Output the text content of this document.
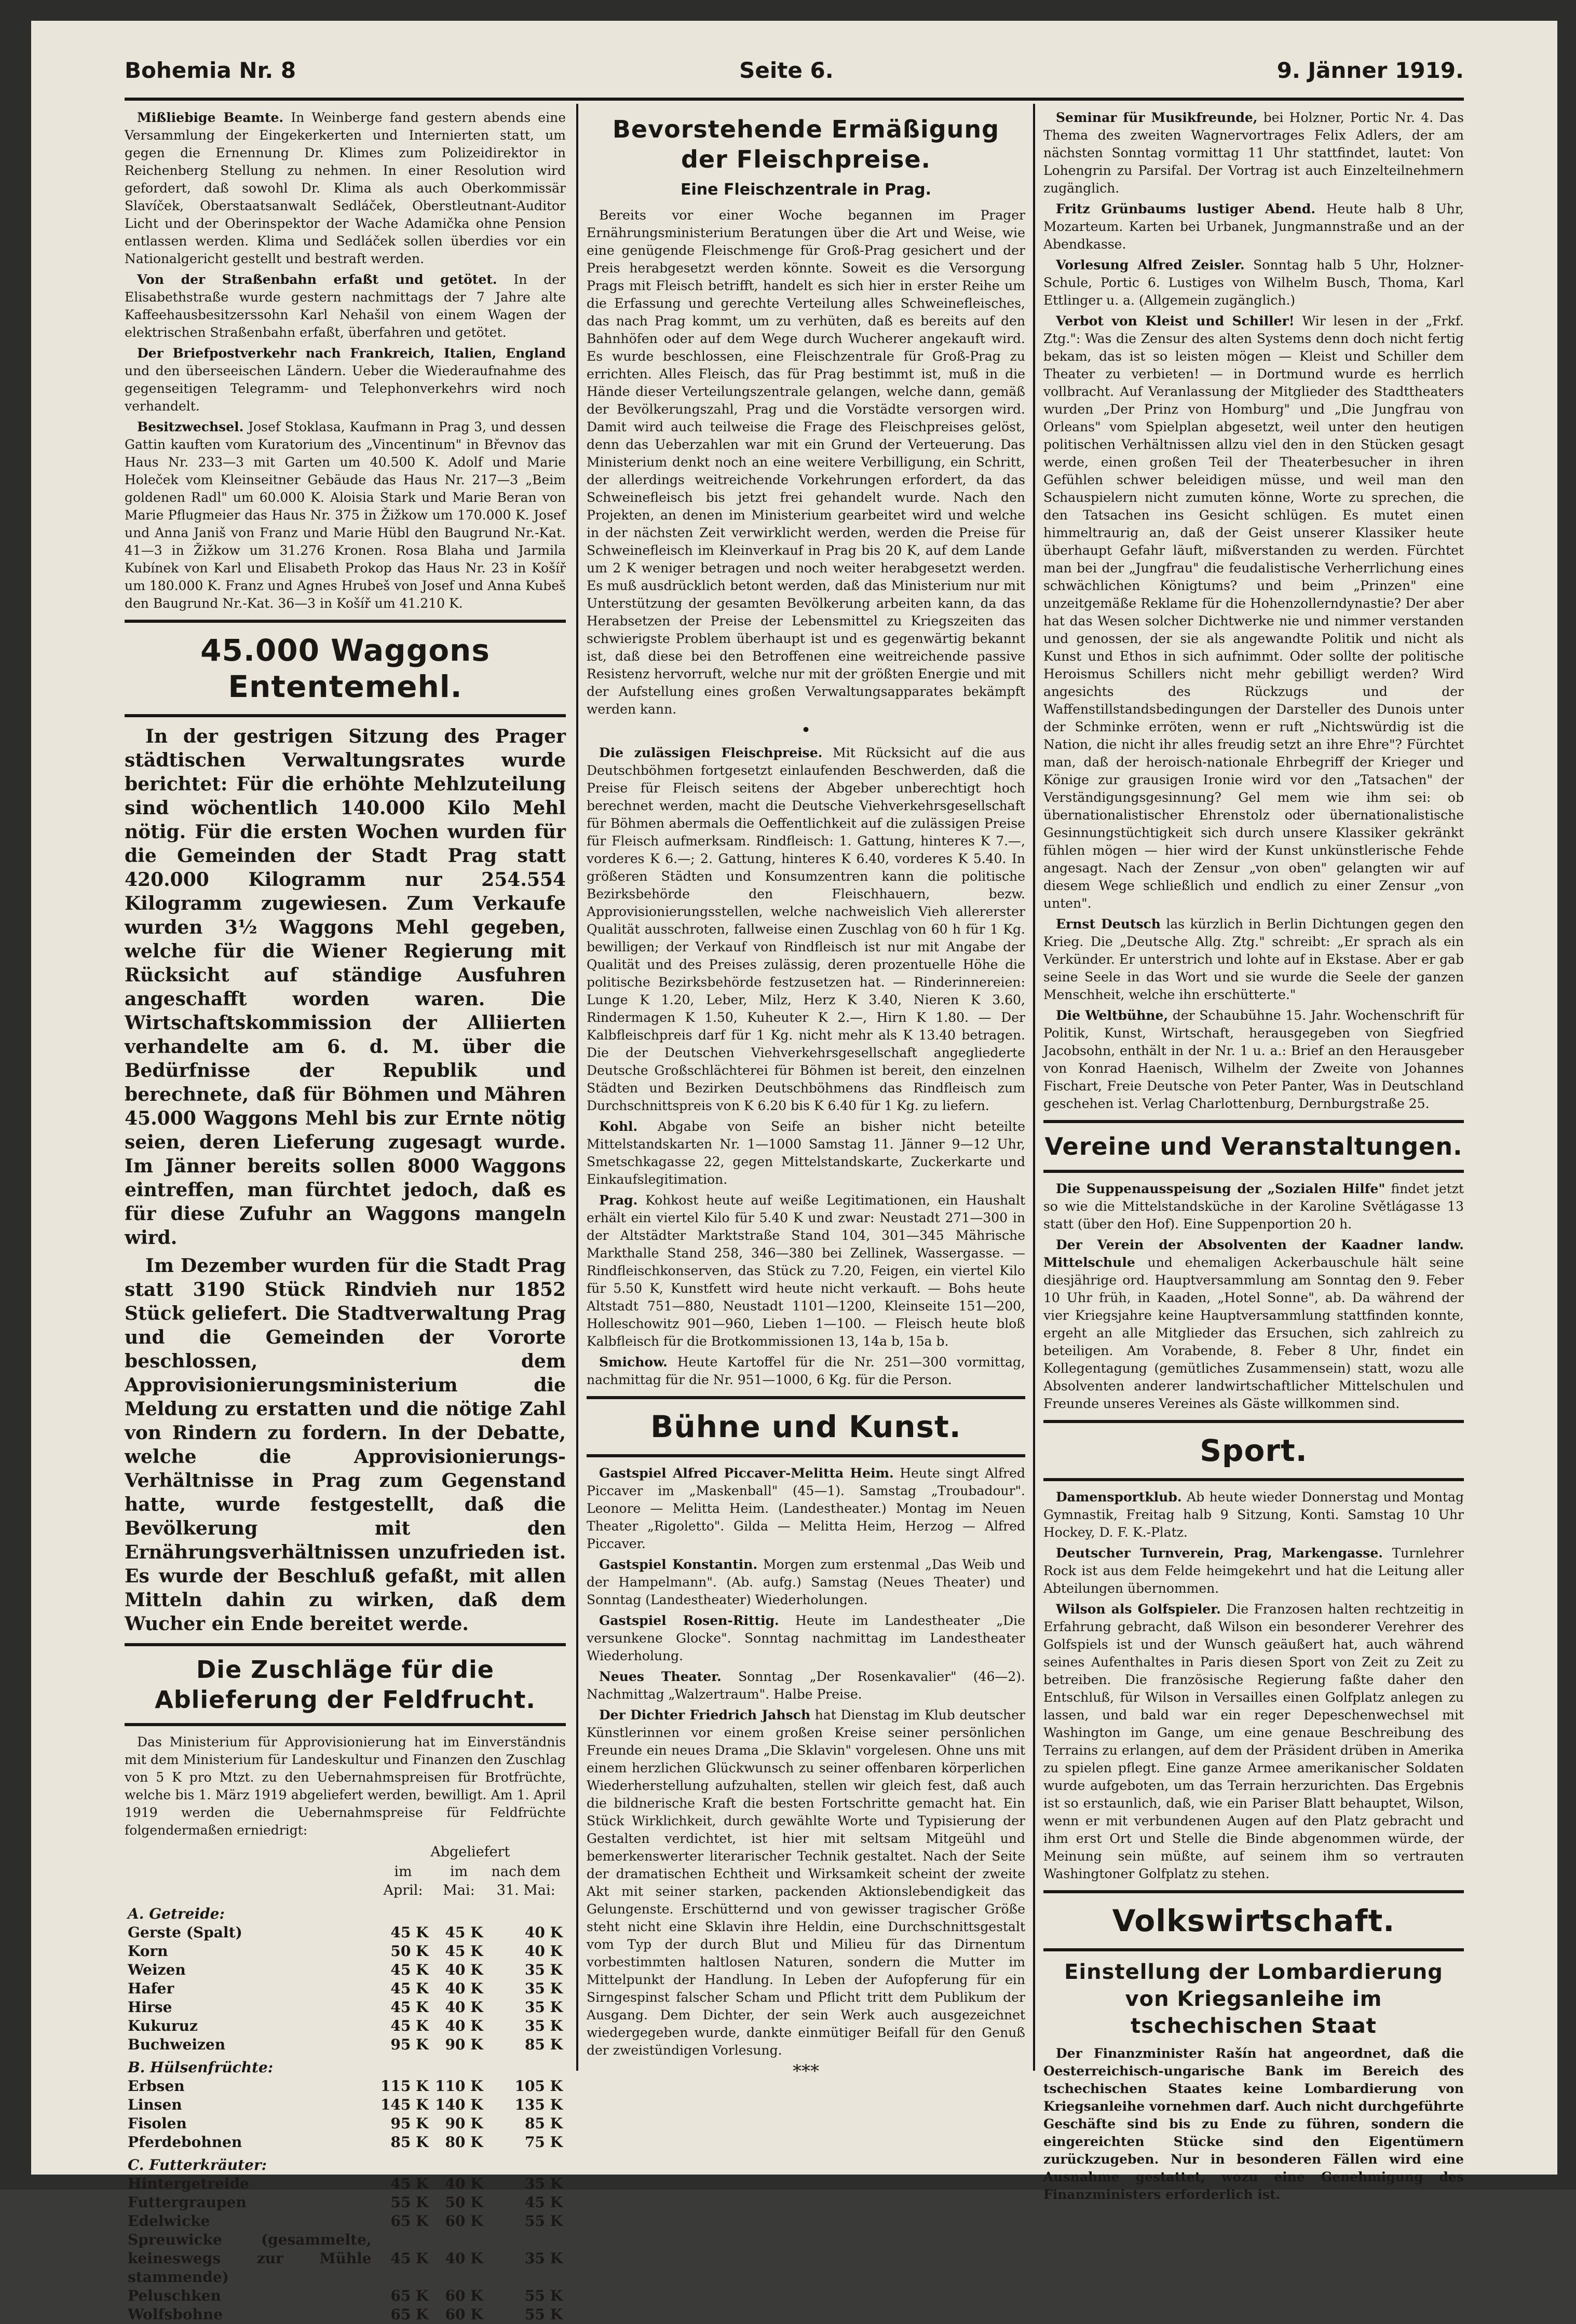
Bohemia Nr. 8	Seite 6.	9. Jänner 1919.

Mißliebige Beamte. In Weinberge fand gestern abends eine Versammlung der Eingekerkerten und Internierten statt, um gegen die Ernennung Dr. Klimes zum Polizeidirektor in Reichenberg Stellung zu nehmen. In einer Resolution wird gefordert, daß sowohl Dr. Klima als auch Oberkommissär Slavíček, Oberstaatsanwalt Sedláček, Oberstleutnant-Auditor Licht und der Oberinspektor der Wache Adamička ohne Pension entlassen werden. Klima und Sedláček sollen überdies vor ein Nationalgericht gestellt und bestraft werden.

Von der Straßenbahn erfaßt und getötet. In der Elisabethstraße wurde gestern nachmittags der 7 Jahre alte Kaffeehausbesitzerssohn Karl Nehašil von einem Wagen der elektrischen Straßenbahn erfaßt, überfahren und getötet.

Der Briefpostverkehr nach Frankreich, Italien, England und den überseeischen Ländern. Ueber die Wiederaufnahme des gegenseitigen Telegramm- und Telephonverkehrs wird noch verhandelt.

Besitzwechsel. Josef Stoklasa, Kaufmann in Prag 3, und dessen Gattin kauften vom Kuratorium des „Vincentinum" in Břevnov das Haus Nr. 233—3 mit Garten um 40.500 K. Adolf und Marie Holeček vom Kleinseitner Gebäude das Haus Nr. 217—3 „Beim goldenen Radl" um 60.000 K. Aloisia Stark und Marie Beran von Marie Pflugmeier das Haus Nr. 375 in Žižkow um 170.000 K. Josef und Anna Janiš von Franz und Marie Hübl den Baugrund Nr.-Kat. 41—3 in Žižkow um 31.276 Kronen. Rosa Blaha und Jarmila Kubínek von Karl und Elisabeth Prokop das Haus Nr. 23 in Košíř um 180.000 K. Franz und Agnes Hrubeš von Josef und Anna Kubeš den Baugrund Nr.-Kat. 36—3 in Košíř um 41.210 K.

45.000 Waggons Ententemehl.

In der gestrigen Sitzung des Prager städtischen Verwaltungsrates wurde berichtet: Für die erhöhte Mehlzuteilung sind wöchentlich 140.000 Kilo Mehl nötig. Für die ersten Wochen wurden für die Gemeinden der Stadt Prag statt 420.000 Kilogramm nur 254.554 Kilogramm zugewiesen. Zum Verkaufe wurden 3½ Waggons Mehl gegeben, welche für die Wiener Regierung mit Rücksicht auf ständige Ausfuhren angeschafft worden waren. Die Wirtschaftskommission der Alliierten verhandelte am 6. d. M. über die Bedürfnisse der Republik und berechnete, daß für Böhmen und Mähren 45.000 Waggons Mehl bis zur Ernte nötig seien, deren Lieferung zugesagt wurde. Im Jänner bereits sollen 8000 Waggons eintreffen, man fürchtet jedoch, daß es für diese Zufuhr an Waggons mangeln wird.

Im Dezember wurden für die Stadt Prag statt 3190 Stück Rindvieh nur 1852 Stück geliefert. Die Stadtverwaltung Prag und die Gemeinden der Vororte beschlossen, dem Approvisionierungsministerium die Meldung zu erstatten und die nötige Zahl von Rindern zu fordern. In der Debatte, welche die Approvisionierungs-Verhältnisse in Prag zum Gegenstand hatte, wurde festgestellt, daß die Bevölkerung mit den Ernährungsverhältnissen unzufrieden ist. Es wurde der Beschluß gefaßt, mit allen Mitteln dahin zu wirken, daß dem Wucher ein Ende bereitet werde.

Die Zuschläge für die Ablieferung der Feldfrucht.

Das Ministerium für Approvisionierung hat im Einverständnis mit dem Ministerium für Landeskultur und Finanzen den Zuschlag von 5 K pro Mtzt. zu den Uebernahmspreisen für Brotfrüchte, welche bis 1. März 1919 abgeliefert werden, bewilligt. Am 1. April 1919 werden die Uebernahmspreise für Feldfrüchte folgendermaßen erniedrigt:

	Abgeliefert		
	im April:	im Mai:	nach dem 31. Mai:
A. Getreide:			
Gerste (Spalt)	45 K	45 K	40 K
Korn	50 K	45 K	40 K
Weizen	45 K	40 K	35 K
Hafer	45 K	40 K	35 K
Hirse	45 K	40 K	35 K
Kukuruz	45 K	40 K	35 K
Buchweizen	95 K	90 K	85 K
B. Hülsenfrüchte:			
Erbsen	115 K	110 K	105 K
Linsen	145 K	140 K	135 K
Fisolen	95 K	90 K	85 K
Pferdebohnen	85 K	80 K	75 K
C. Futterkräuter:			
Hintergetreide	45 K	40 K	35 K
Futtergraupen	55 K	50 K	45 K
Edelwicke	65 K	60 K	55 K
Spreuwicke (gesammelte, keineswegs zur Mühle stammende)	45 K	40 K	35 K
Peluschken	65 K	60 K	55 K
Wolfsbohne	65 K	60 K	55 K
Bevorstehende Ermäßigung der Fleischpreise.
Eine Fleischzentrale in Prag.

Bereits vor einer Woche begannen im Prager Ernährungsministerium Beratungen über die Art und Weise, wie eine genügende Fleischmenge für Groß-Prag gesichert und der Preis herabgesetzt werden könnte. Soweit es die Versorgung Prags mit Fleisch betrifft, handelt es sich hier in erster Reihe um die Erfassung und gerechte Verteilung alles Schweinefleisches, das nach Prag kommt, um zu verhüten, daß es bereits auf den Bahnhöfen oder auf dem Wege durch Wucherer angekauft wird. Es wurde beschlossen, eine Fleischzentrale für Groß-Prag zu errichten. Alles Fleisch, das für Prag bestimmt ist, muß in die Hände dieser Verteilungszentrale gelangen, welche dann, gemäß der Bevölkerungszahl, Prag und die Vorstädte versorgen wird. Damit wird auch teilweise die Frage des Fleischpreises gelöst, denn das Ueberzahlen war mit ein Grund der Verteuerung. Das Ministerium denkt noch an eine weitere Verbilligung, ein Schritt, der allerdings weitreichende Vorkehrungen erfordert, da das Schweinefleisch bis jetzt frei gehandelt wurde. Nach den Projekten, an denen im Ministerium gearbeitet wird und welche in der nächsten Zeit verwirklicht werden, werden die Preise für Schweinefleisch im Kleinverkauf in Prag bis 20 K, auf dem Lande um 2 K weniger betragen und noch weiter herabgesetzt werden. Es muß ausdrücklich betont werden, daß das Ministerium nur mit Unterstützung der gesamten Bevölkerung arbeiten kann, da das Herabsetzen der Preise der Lebensmittel zu Kriegszeiten das schwierigste Problem überhaupt ist und es gegenwärtig bekannt ist, daß diese bei den Betroffenen eine weitreichende passive Resistenz hervorruft, welche nur mit der größten Energie und mit der Aufstellung eines großen Verwaltungsapparates bekämpft werden kann.

•

Die zulässigen Fleischpreise. Mit Rücksicht auf die aus Deutschböhmen fortgesetzt einlaufenden Beschwerden, daß die Preise für Fleisch seitens der Abgeber unberechtigt hoch berechnet werden, macht die Deutsche Viehverkehrsgesellschaft für Böhmen abermals die Oeffentlichkeit auf die zulässigen Preise für Fleisch aufmerksam. Rindfleisch: 1. Gattung, hinteres K 7.—, vorderes K 6.—; 2. Gattung, hinteres K 6.40, vorderes K 5.40. In größeren Städten und Konsumzentren kann die politische Bezirksbehörde den Fleischhauern, bezw. Approvisionierungsstellen, welche nachweislich Vieh allererster Qualität ausschroten, fallweise einen Zuschlag von 60 h für 1 Kg. bewilligen; der Verkauf von Rindfleisch ist nur mit Angabe der Qualität und des Preises zulässig, deren prozentuelle Höhe die politische Bezirksbehörde festzusetzen hat. — Rinderinnereien: Lunge K 1.20, Leber, Milz, Herz K 3.40, Nieren K 3.60, Rindermagen K 1.50, Kuheuter K 2.—, Hirn K 1.80. — Der Kalbfleischpreis darf für 1 Kg. nicht mehr als K 13.40 betragen. Die der Deutschen Viehverkehrsgesellschaft angegliederte Deutsche Großschlächterei für Böhmen ist bereit, den einzelnen Städten und Bezirken Deutschböhmens das Rindfleisch zum Durchschnittspreis von K 6.20 bis K 6.40 für 1 Kg. zu liefern.

Kohl. Abgabe von Seife an bisher nicht beteilte Mittelstandskarten Nr. 1—1000 Samstag 11. Jänner 9—12 Uhr, Smetschkagasse 22, gegen Mittelstandskarte, Zuckerkarte und Einkaufslegitimation.

Prag. Kohkost heute auf weiße Legitimationen, ein Haushalt erhält ein viertel Kilo für 5.40 K und zwar: Neustadt 271—300 in der Altstädter Marktstraße Stand 104, 301—345 Mährische Markthalle Stand 258, 346—380 bei Zellinek, Wassergasse. — Rindfleischkonserven, das Stück zu 7.20, Feigen, ein viertel Kilo für 5.50 K, Kunstfett wird heute nicht verkauft. — Bohs heute Altstadt 751—880, Neustadt 1101—1200, Kleinseite 151—200, Holleschowitz 901—960, Lieben 1—100. — Fleisch heute bloß Kalbfleisch für die Brotkommissionen 13, 14a b, 15a b.

Smichow. Heute Kartoffel für die Nr. 251—300 vormittag, nachmittag für die Nr. 951—1000, 6 Kg. für die Person.

Bühne und Kunst.

Gastspiel Alfred Piccaver-Melitta Heim. Heute singt Alfred Piccaver im „Maskenball" (45—1). Samstag „Troubadour". Leonore — Melitta Heim. (Landestheater.) Montag im Neuen Theater „Rigoletto". Gilda — Melitta Heim, Herzog — Alfred Piccaver.

Gastspiel Konstantin. Morgen zum erstenmal „Das Weib und der Hampelmann". (Ab. aufg.) Samstag (Neues Theater) und Sonntag (Landestheater) Wiederholungen.

Gastspiel Rosen-Rittig. Heute im Landestheater „Die versunkene Glocke". Sonntag nachmittag im Landestheater Wiederholung.

Neues Theater. Sonntag „Der Rosenkavalier" (46—2). Nachmittag „Walzertraum". Halbe Preise.

Der Dichter Friedrich Jahsch hat Dienstag im Klub deutscher Künstlerinnen vor einem großen Kreise seiner persönlichen Freunde ein neues Drama „Die Sklavin" vorgelesen. Ohne uns mit einem herzlichen Glückwunsch zu seiner offenbaren körperlichen Wiederherstellung aufzuhalten, stellen wir gleich fest, daß auch die bildnerische Kraft die besten Fortschritte gemacht hat. Ein Stück Wirklichkeit, durch gewählte Worte und Typisierung der Gestalten verdichtet, ist hier mit seltsam Mitgeühl und bemerkenswerter literarischer Technik gestaltet. Nach der Seite der dramatischen Echtheit und Wirksamkeit scheint der zweite Akt mit seiner starken, packenden Aktionslebendigkeit das Gelungenste. Erschütternd und von gewisser tragischer Größe steht nicht eine Sklavin ihre Heldin, eine Durchschnittsgestalt vom Typ der durch Blut und Milieu für das Dirnentum vorbestimmten haltlosen Naturen, sondern die Mutter im Mittelpunkt der Handlung. In Leben der Aufopferung für ein Sirngespinst falscher Scham und Pflicht tritt dem Publikum der Ausgang. Dem Dichter, der sein Werk auch ausgezeichnet wiedergegeben wurde, dankte einmütiger Beifall für den Genuß der zweistündigen Vorlesung.

***

Seminar für Musikfreunde, bei Holzner, Portic Nr. 4. Das Thema des zweiten Wagnervortrages Felix Adlers, der am nächsten Sonntag vormittag 11 Uhr stattfindet, lautet: Von Lohengrin zu Parsifal. Der Vortrag ist auch Einzelteilnehmern zugänglich.

Fritz Grünbaums lustiger Abend. Heute halb 8 Uhr, Mozarteum. Karten bei Urbanek, Jungmannstraße und an der Abendkasse.

Vorlesung Alfred Zeisler. Sonntag halb 5 Uhr, Holzner-Schule, Portic 6. Lustiges von Wilhelm Busch, Thoma, Karl Ettlinger u. a. (Allgemein zugänglich.)

Verbot von Kleist und Schiller! Wir lesen in der „Frkf. Ztg.": Was die Zensur des alten Systems denn doch nicht fertig bekam, das ist so leisten mögen — Kleist und Schiller dem Theater zu verbieten! — in Dortmund wurde es herrlich vollbracht. Auf Veranlassung der Mitglieder des Stadttheaters wurden „Der Prinz von Homburg" und „Die Jungfrau von Orleans" vom Spielplan abgesetzt, weil unter den heutigen politischen Verhältnissen allzu viel den in den Stücken gesagt werde, einen großen Teil der Theaterbesucher in ihren Gefühlen schwer beleidigen müsse, und weil man den Schauspielern nicht zumuten könne, Worte zu sprechen, die den Tatsachen ins Gesicht schlügen. Es mutet einen himmeltraurig an, daß der Geist unserer Klassiker heute überhaupt Gefahr läuft, mißverstanden zu werden. Fürchtet man bei der „Jungfrau" die feudalistische Verherrlichung eines schwächlichen Königtums? und beim „Prinzen" eine unzeitgemäße Reklame für die Hohenzollerndynastie? Der aber hat das Wesen solcher Dichtwerke nie und nimmer verstanden und genossen, der sie als angewandte Politik und nicht als Kunst und Ethos in sich aufnimmt. Oder sollte der politische Heroismus Schillers nicht mehr gebilligt werden? Wird angesichts des Rückzugs und der Waffenstillstandsbedingungen der Darsteller des Dunois unter der Schminke erröten, wenn er ruft „Nichtswürdig ist die Nation, die nicht ihr alles freudig setzt an ihre Ehre"? Fürchtet man, daß der heroisch-nationale Ehrbegriff der Krieger und Könige zur grausigen Ironie wird vor den „Tatsachen" der Verständigungsgesinnung? Gel mem wie ihm sei: ob übernationalistischer Ehrenstolz oder übernationalistische Gesinnungstüchtigkeit sich durch unsere Klassiker gekränkt fühlen mögen — hier wird der Kunst unkünstlerische Fehde angesagt. Nach der Zensur „von oben" gelangten wir auf diesem Wege schließlich und endlich zu einer Zensur „von unten".

Ernst Deutsch las kürzlich in Berlin Dichtungen gegen den Krieg. Die „Deutsche Allg. Ztg." schreibt: „Er sprach als ein Verkünder. Er unterstrich und lohte auf in Ekstase. Aber er gab seine Seele in das Wort und sie wurde die Seele der ganzen Menschheit, welche ihn erschütterte."

Die Weltbühne, der Schaubühne 15. Jahr. Wochenschrift für Politik, Kunst, Wirtschaft, herausgegeben von Siegfried Jacobsohn, enthält in der Nr. 1 u. a.: Brief an den Herausgeber von Konrad Haenisch, Wilhelm der Zweite von Johannes Fischart, Freie Deutsche von Peter Panter, Was in Deutschland geschehen ist. Verlag Charlottenburg, Dernburgstraße 25.

Vereine und Veranstaltungen.

Die Suppenausspeisung der „Sozialen Hilfe" findet jetzt so wie die Mittelstandsküche in der Karoline Světlágasse 13 statt (über den Hof). Eine Suppenportion 20 h.

Der Verein der Absolventen der Kaadner landw. Mittelschule und ehemaligen Ackerbauschule hält seine diesjährige ord. Hauptversammlung am Sonntag den 9. Feber 10 Uhr früh, in Kaaden, „Hotel Sonne", ab. Da während der vier Kriegsjahre keine Hauptversammlung stattfinden konnte, ergeht an alle Mitglieder das Ersuchen, sich zahlreich zu beteiligen. Am Vorabende, 8. Feber 8 Uhr, findet ein Kollegentagung (gemütliches Zusammensein) statt, wozu alle Absolventen anderer landwirtschaftlicher Mittelschulen und Freunde unseres Vereines als Gäste willkommen sind.

Sport.

Damensportklub. Ab heute wieder Donnerstag und Montag Gymnastik, Freitag halb 9 Sitzung, Konti. Samstag 10 Uhr Hockey, D. F. K.-Platz.

Deutscher Turnverein, Prag, Markengasse. Turnlehrer Rock ist aus dem Felde heimgekehrt und hat die Leitung aller Abteilungen übernommen.

Wilson als Golfspieler. Die Franzosen halten rechtzeitig in Erfahrung gebracht, daß Wilson ein besonderer Verehrer des Golfspiels ist und der Wunsch geäußert hat, auch während seines Aufenthaltes in Paris diesen Sport von Zeit zu Zeit zu betreiben. Die französische Regierung faßte daher den Entschluß, für Wilson in Versailles einen Golfplatz anlegen zu lassen, und bald war ein reger Depeschenwechsel mit Washington im Gange, um eine genaue Beschreibung des Terrains zu erlangen, auf dem der Präsident drüben in Amerika zu spielen pflegt. Eine ganze Armee amerikanischer Soldaten wurde aufgeboten, um das Terrain herzurichten. Das Ergebnis ist so erstaunlich, daß, wie ein Pariser Blatt behauptet, Wilson, wenn er mit verbundenen Augen auf den Platz gebracht und ihm erst Ort und Stelle die Binde abgenommen würde, der Meinung sein müßte, auf seinem ihm so vertrauten Washingtoner Golfplatz zu stehen.

Volkswirtschaft.
Einstellung der Lombardierung von Kriegsanleihe im tschechischen Staat

Der Finanzminister Rašín hat angeordnet, daß die Oesterreichisch-ungarische Bank im Bereich des tschechischen Staates keine Lombardierung von Kriegsanleihe vornehmen darf. Auch nicht durchgeführte Geschäfte sind bis zu Ende zu führen, sondern die eingereichten Stücke sind den Eigentümern zurückzugeben. Nur in besonderen Fällen wird eine Ausnahme gestattet, wozu eine Genehmigung des Finanzministers erforderlich ist.
